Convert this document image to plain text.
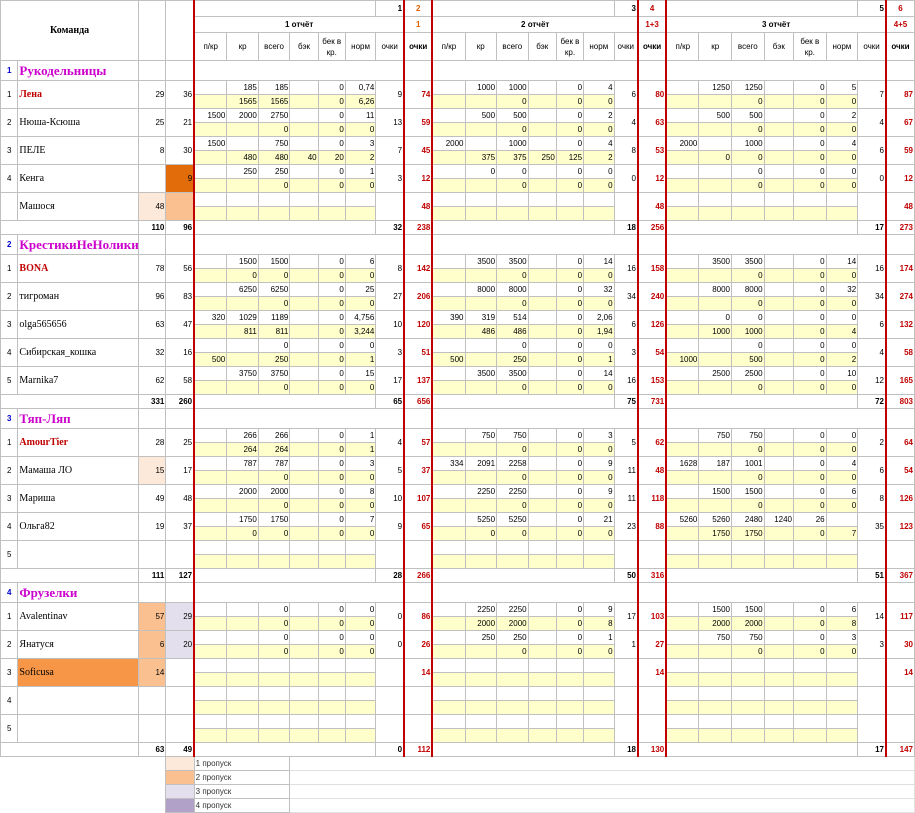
Команда										1	2							3	4							5	6
				1 отчёт							1	2 отчёт							1+3	3 отчёт							4+5
				п/кр	кр	всего	бэк	бек в кр.	норм	очки	очки	п/кр	кр	всего	бэк	бек в кр.	норм	очки	очки	п/кр	кр	всего	бэк	бек в кр.	норм	очки	очки
1	Рукодельницы																										
1	Лена	29	36		185	185		0	0,74	9	74		1000	1000		0	4	6	80		1250	1250		0	5	7	87
					1565	1565		0	6,26					0		0	0					0		0	0		
2	Нюша-Ксюша	25	21	1500	2000	2750		0	11	13	59		500	500		0	2	4	63		500	500		0	2	4	67
						0		0	0					0		0	0					0		0	0		
3	ПЕЛЕ	8	30	1500		750		0	3	7	45	2000		1000		0	4	8	53	2000		1000		0	4	6	59
					480	480	40	20	2				375	375	250	125	2				0	0		0	0		
4	Кенга		9		250	250		0	1	3	12		0	0		0	0	0	12			0		0	0	0	12
						0		0	0					0		0	0					0		0	0		
	Машося	48									48								48								48

		110	96							32	238							18	256							17	273
2	КрестикиНеНолики																										
1	BONA	78	56		1500	1500		0	6	8	142		3500	3500		0	14	16	158		3500	3500		0	14	16	174
					0	0		0	0					0		0	0					0		0	0		
2	тигроман	96	83		6250	6250		0	25	27	206		8000	8000		0	32	34	240		8000	8000		0	32	34	274
						0		0	0					0		0	0					0		0	0		
3	olga565656	63	47	320	1029	1189		0	4,756	10	120	390	319	514		0	2,06	6	126		0	0		0	0	6	132
					811	811		0	3,244				486	486		0	1,94				1000	1000		0	4		
4	Сибирская_кошка	32	16			0		0	0	3	51			0		0	0	3	54			0		0	0	4	58
				500		250		0	1			500		250		0	1			1000		500		0	2		
5	Marnika7	62	58		3750	3750		0	15	17	137		3500	3500		0	14	16	153		2500	2500		0	10	12	165
						0		0	0					0		0	0					0		0	0		
		331	260							65	656							75	731							72	803
3	Тяп-Ляп																										
1	AmourTier	28	25		266	266		0	1	4	57		750	750		0	3	5	62		750	750		0	0	2	64
					264	264		0	1					0		0	0					0		0	0		
2	Мамаша ЛО	15	17		787	787		0	3	5	37	334	2091	2258		0	9	11	48	1628	187	1001		0	4	6	54
						0		0	0					0		0	0					0		0	0		
3	Мариша	49	48		2000	2000		0	8	10	107		2250	2250		0	9	11	118		1500	1500		0	6	8	126
						0		0	0					0		0	0					0		0	0		
4	Ольга82	19	37		1750	1750		0	7	9	65		5250	5250		0	21	23	88	5260	5260	2480	1240	26		35	123
					0	0		0	0				0	0		0	0				1750	1750		0	7		
5																											

		111	127							28	266							50	316							51	367
4	Фрузелки																										
1	Avalentinav	57	29			0		0	0	0	86		2250	2250		0	9	17	103		1500	1500		0	6	14	117
						0		0	0				2000	2000		0	8				2000	2000		0	8		
2	Янатуся	6	20			0		0	0	0	26		250	250		0	1	1	27		750	750		0	3	3	30
						0		0	0					0		0	0					0		0	0		
3	Soficusa	14									14								14								14

4																											

5																											

		63	49							0	112							18	130							17	147
				1 пропуск																							
				2 пропуск																							
				3 пропуск																							
				4 пропуск																							
